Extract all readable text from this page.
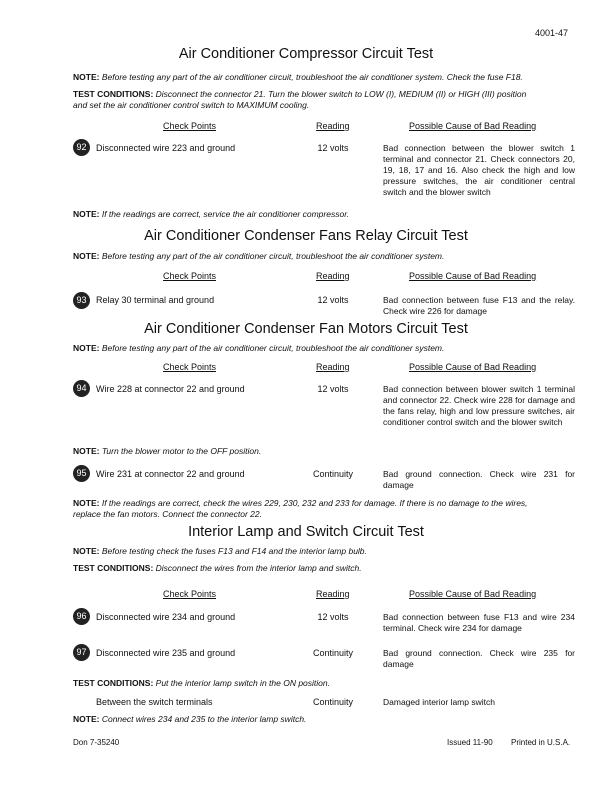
4001-47
Air Conditioner Compressor Circuit Test
NOTE: Before testing any part of the air conditioner circuit, troubleshoot the air conditioner system. Check the fuse F18.
TEST CONDITIONS: Disconnect the connector 21. Turn the blower switch to LOW (I), MEDIUM (II) or HIGH (III) position
and set the air conditioner control switch to MAXIMUM cooling.
Check Points	Reading	Possible Cause of Bad Reading
92	Disconnected wire 223 and ground	12 volts	Bad connection between the blower switch 1 terminal and connector 21. Check connectors 20, 19, 18, 17 and 16. Also check the high and low pressure switches, the air conditioner central switch and the blower switch
NOTE: If the readings are correct, service the air conditioner compressor.
Air Conditioner Condenser Fans Relay Circuit Test
NOTE: Before testing any part of the air conditioner circuit, troubleshoot the air conditioner system.
Check Points	Reading	Possible Cause of Bad Reading
93	Relay 30 terminal and ground	12 volts	Bad connection between fuse F13 and the relay. Check wire 226 for damage
Air Conditioner Condenser Fan Motors Circuit Test
NOTE: Before testing any part of the air conditioner circuit, troubleshoot the air conditioner system.
Check Points	Reading	Possible Cause of Bad Reading
94	Wire 228 at connector 22 and ground	12 volts	Bad connection between blower switch 1 terminal and connector 22. Check wire 228 for damage and the fans relay, high and low pressure switches, air conditioner control switch and the blower switch
NOTE: Turn the blower motor to the OFF position.
95	Wire 231 at connector 22 and ground	Continuity	Bad ground connection. Check wire 231 for damage
NOTE: If the readings are correct, check the wires 229, 230, 232 and 233 for damage. If there is no damage to the wires,
replace the fan motors. Connect the connector 22.
Interior Lamp and Switch Circuit Test
NOTE: Before testing check the fuses F13 and F14 and the interior lamp bulb.
TEST CONDITIONS: Disconnect the wires from the interior lamp and switch.
Check Points	Reading	Possible Cause of Bad Reading
96	Disconnected wire 234 and ground	12 volts	Bad connection between fuse F13 and wire 234 terminal. Check wire 234 for damage
97	Disconnected wire 235 and ground	Continuity	Bad ground connection. Check wire 235 for damage
TEST CONDITIONS: Put the interior lamp switch in the ON position.
Between the switch terminals	Continuity	Damaged interior lamp switch
NOTE: Connect wires 234 and 235 to the interior lamp switch.
Don 7-35240	Issued 11-90 Printed in U.S.A.
